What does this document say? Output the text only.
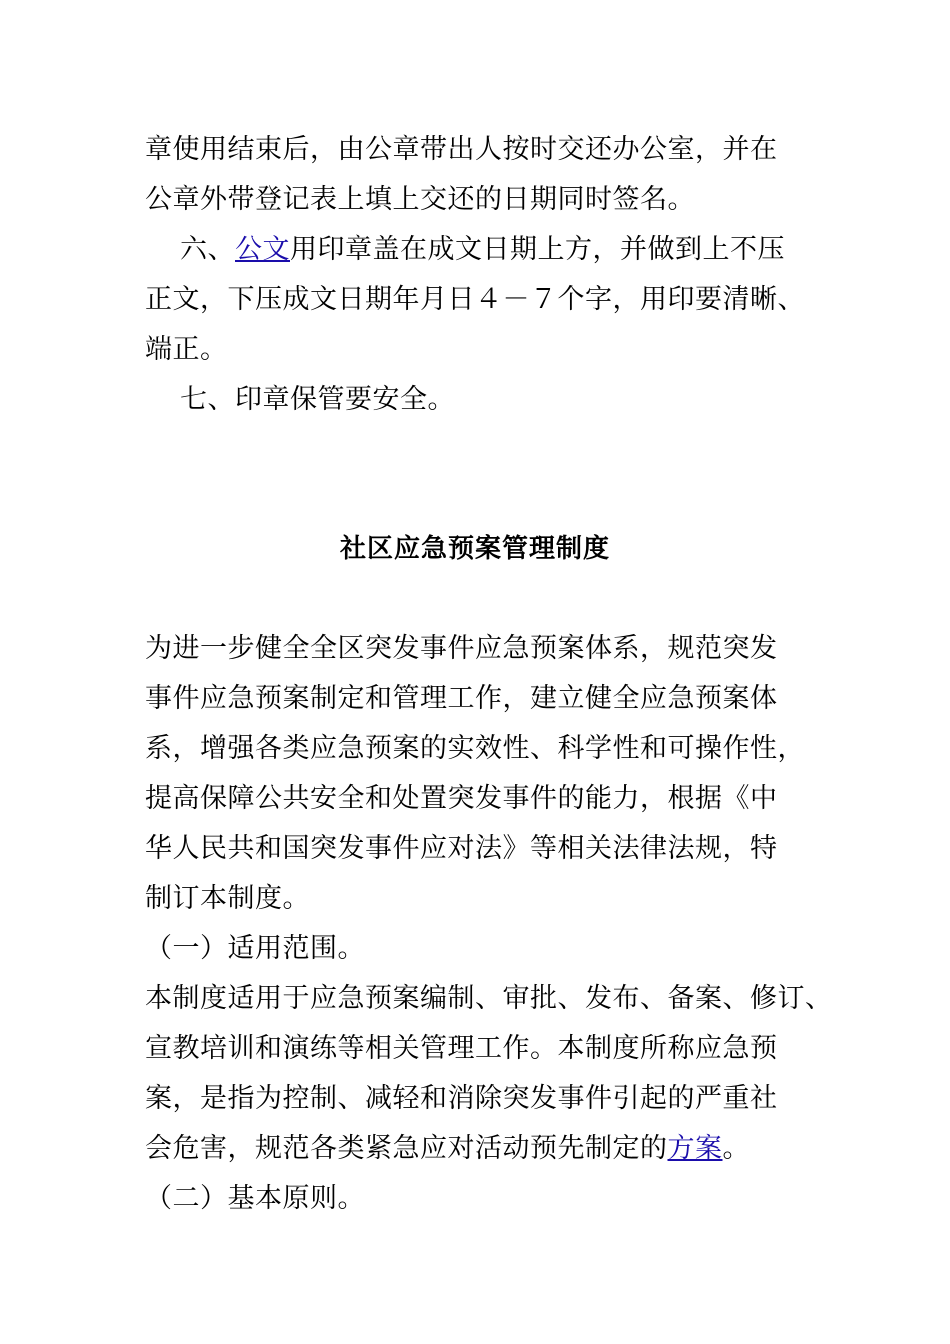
章使用结束后，由公章带出人按时交还办公室，并在
公章外带登记表上填上交还的日期同时签名。
六、公文用印章盖在成文日期上方，并做到上不压
正文，下压成文日期年月日４－７个字，用印要清晰、
端正。
七、印章保管要安全。
社区应急预案管理制度
为进一步健全全区突发事件应急预案体系，规范突发
事件应急预案制定和管理工作，建立健全应急预案体
系，增强各类应急预案的实效性、科学性和可操作性，
提高保障公共安全和处置突发事件的能力，根据《中
华人民共和国突发事件应对法》等相关法律法规，特
制订本制度。
（一）适用范围。
本制度适用于应急预案编制、审批、发布、备案、修订、
宣教培训和演练等相关管理工作。本制度所称应急预
案，是指为控制、减轻和消除突发事件引起的严重社
会危害，规范各类紧急应对活动预先制定的方案。
（二）基本原则。
